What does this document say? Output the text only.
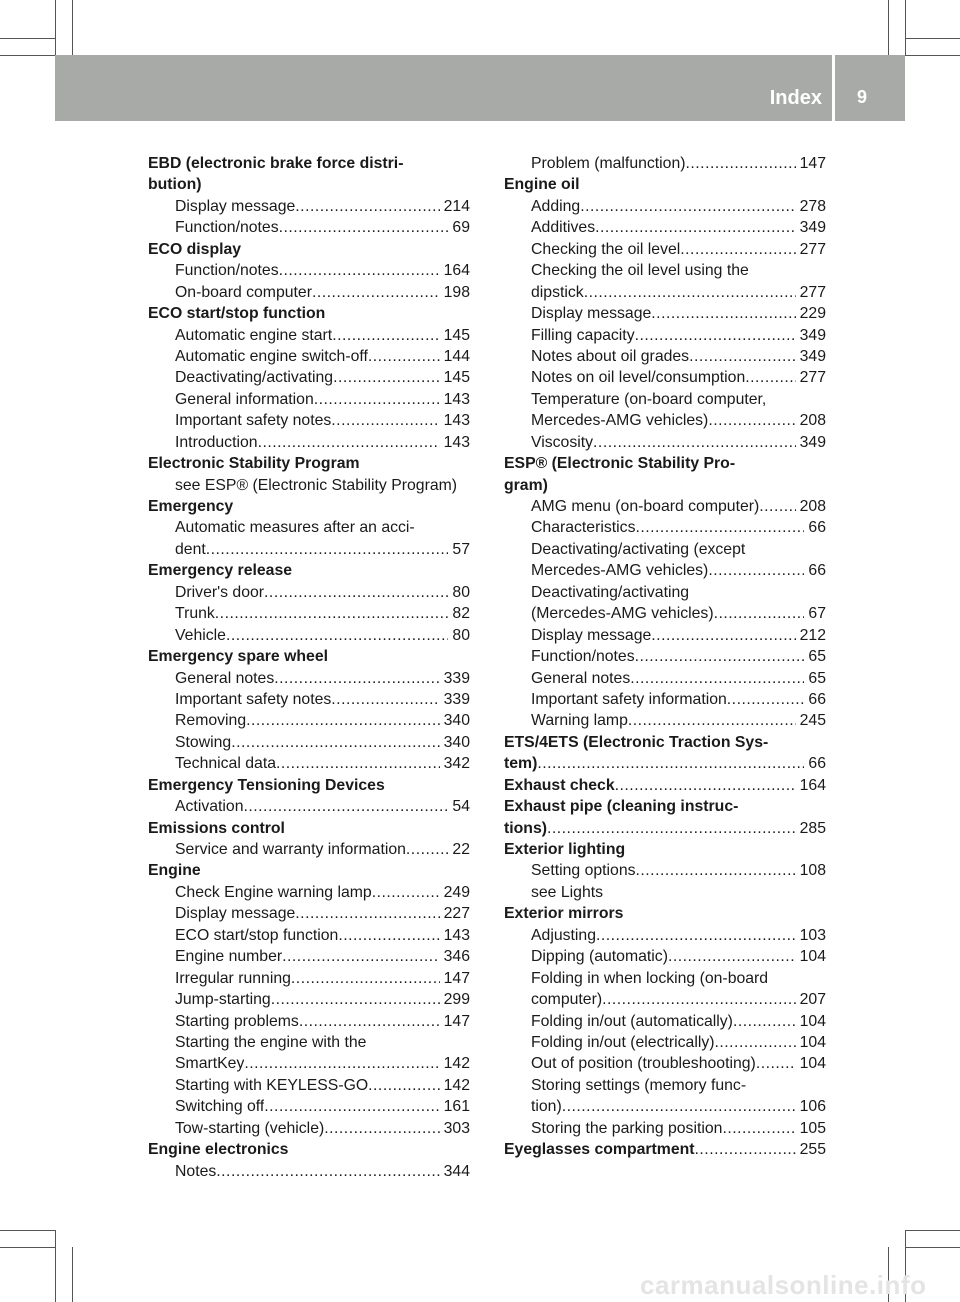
Index 9
EBD (electronic brake force distri-
bution)
Display message .....	214
Function/notes .....	69
ECO display
Function/notes .....	164
On-board computer .....	198
ECO start/stop function
Automatic engine start .....	145
Automatic engine switch-off .....	144
Deactivating/activating .....	145
General information .....	143
Important safety notes .....	143
Introduction .....	143
Electronic Stability Program
see ESP® (Electronic Stability Program)
Emergency
Automatic measures after an acci-
dent .....	57
Emergency release
Driver's door .....	80
Trunk .....	82
Vehicle .....	80
Emergency spare wheel
General notes .....	339
Important safety notes .....	339
Removing .....	340
Stowing .....	340
Technical data .....	342
Emergency Tensioning Devices
Activation .....	54
Emissions control
Service and warranty information .....	22
Engine
Check Engine warning lamp .....	249
Display message .....	227
ECO start/stop function .....	143
Engine number .....	346
Irregular running .....	147
Jump-starting .....	299
Starting problems .....	147
Starting the engine with the
SmartKey .....	142
Starting with KEYLESS-GO .....	142
Switching off .....	161
Tow-starting (vehicle) .....	303
Engine electronics
Notes .....	344
Problem (malfunction) .....	147
Engine oil
Adding .....	278
Additives .....	349
Checking the oil level .....	277
Checking the oil level using the
dipstick .....	277
Display message .....	229
Filling capacity .....	349
Notes about oil grades .....	349
Notes on oil level/consumption .....	277
Temperature (on-board computer,
Mercedes-AMG vehicles) .....	208
Viscosity .....	349
ESP® (Electronic Stability Pro-
gram)
AMG menu (on-board computer) .....	208
Characteristics .....	66
Deactivating/activating (except
Mercedes-AMG vehicles) .....	66
Deactivating/activating
(Mercedes-AMG vehicles) .....	67
Display message .....	212
Function/notes .....	65
General notes .....	65
Important safety information .....	66
Warning lamp .....	245
ETS/4ETS (Electronic Traction Sys-
tem) .....	66
Exhaust check .....	164
Exhaust pipe (cleaning instruc-
tions) .....	285
Exterior lighting
Setting options .....	108
see Lights
Exterior mirrors
Adjusting .....	103
Dipping (automatic) .....	104
Folding in when locking (on-board
computer) .....	207
Folding in/out (automatically) .....	104
Folding in/out (electrically) .....	104
Out of position (troubleshooting) .....	104
Storing settings (memory func-
tion) .....	106
Storing the parking position .....	105
Eyeglasses compartment .....	255
carmanualsonline.info
